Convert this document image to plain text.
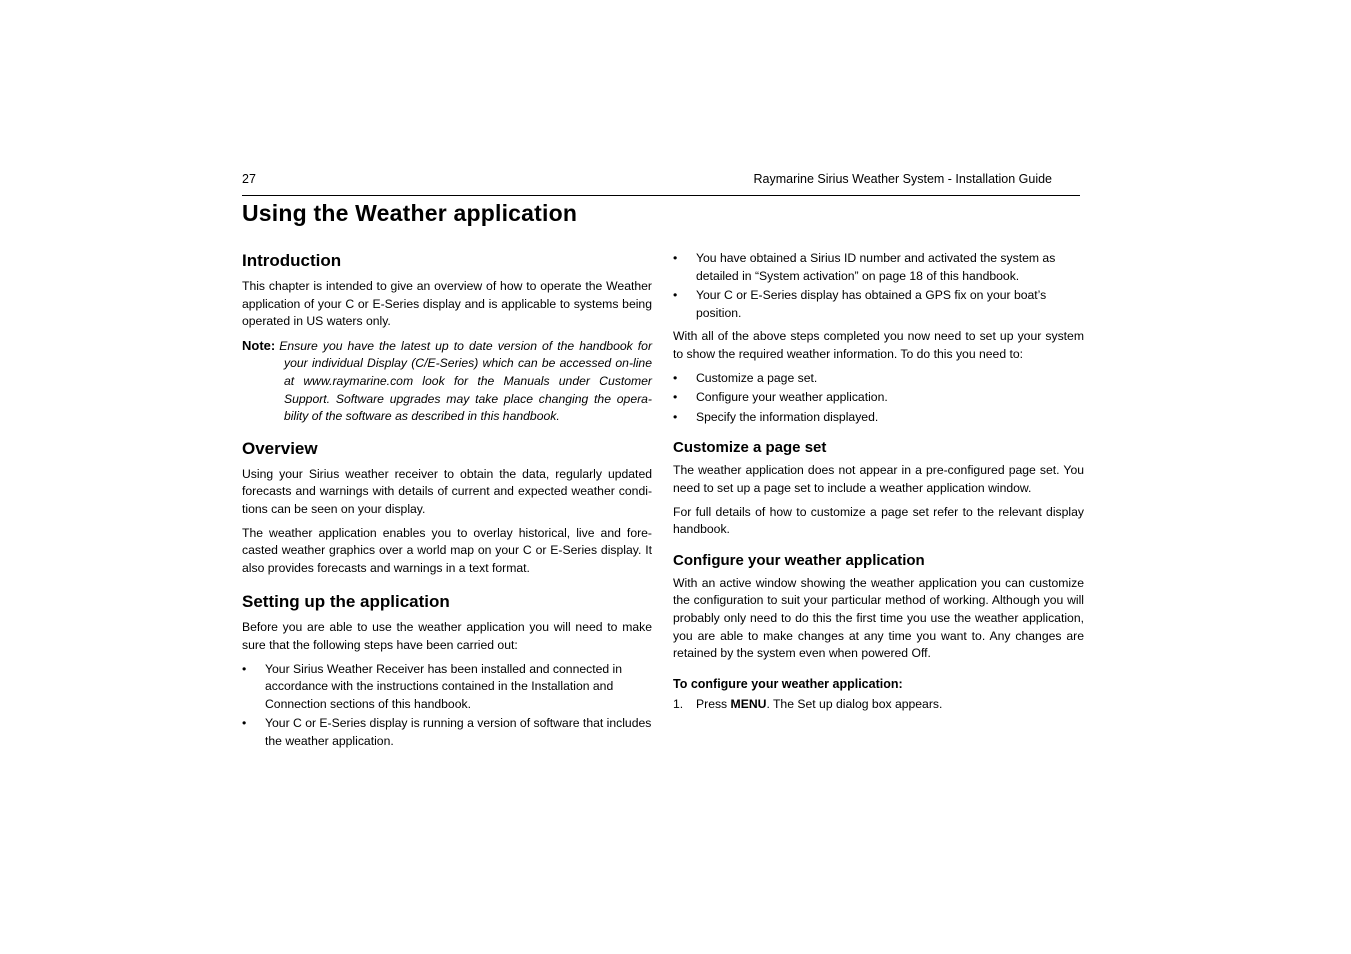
27	Raymarine Sirius Weather System - Installation Guide
Using the Weather application
Introduction

This chapter is intended to give an overview of how to operate the Weather application of your C or E-Series display and is applicable to systems being operated in US waters only.

Note: Ensure you have the latest up to date version of the handbook for your individual Display (C/E-Series) which can be accessed on-line at www.raymarine.com look for the Manuals under Customer Support. Software upgrades may take place changing the opera-bility of the software as described in this handbook.

Overview

Using your Sirius weather receiver to obtain the data, regularly updated forecasts and warnings with details of current and expected weather condi-tions can be seen on your display.

The weather application enables you to overlay historical, live and fore-casted weather graphics over a world map on your C or E-Series display. It also provides forecasts and warnings in a text format.

Setting up the application

Before you are able to use the weather application you will need to make sure that the following steps have been carried out:

• Your Sirius Weather Receiver has been installed and connected in accordance with the instructions contained in the Installation and Connection sections of this handbook.
• Your C or E-Series display is running a version of software that includes the weather application.
• You have obtained a Sirius ID number and activated the system as detailed in “System activation” on page 18 of this handbook.
• Your C or E-Series display has obtained a GPS fix on your boat’s position.

With all of the above steps completed you now need to set up your system to show the required weather information. To do this you need to:

• Customize a page set.
• Configure your weather application.
• Specify the information displayed.
Customize a page set

The weather application does not appear in a pre-configured page set. You need to set up a page set to include a weather application window.

For full details of how to customize a page set refer to the relevant display handbook.

Configure your weather application

With an active window showing the weather application you can customize the configuration to suit your particular method of working. Although you will probably only need to do this the first time you use the weather application, you are able to make changes at any time you want to. Any changes are retained by the system even when powered Off.

To configure your weather application:
1. Press MENU. The Set up dialog box appears.
